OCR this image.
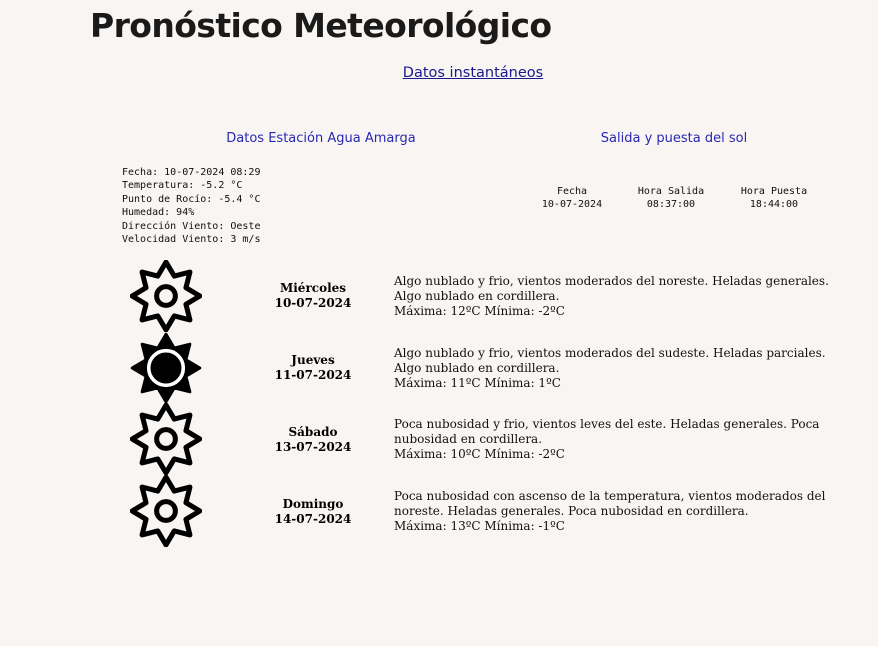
Pronóstico Meteorológico
Datos instantáneos
Datos Estación Agua Amarga	Salida y puesta del sol
Fecha: 10-07-2024 08:29
Temperatura: -5.2 °C
Punto de Rocío: -5.4 °C
Humedad: 94%
Dirección Viento: Oeste
Velocidad Viento: 3 m/s
Fecha
10-07-2024
Hora Salida
08:37:00
Hora Puesta
18:44:00
Miércoles
10-07-2024
Algo nublado y frio, vientos moderados del noreste. Heladas generales. Algo nublado en cordillera.
Máxima: 12ºC Mínima: -2ºC
Jueves
11-07-2024
Algo nublado y frio, vientos moderados del sudeste. Heladas parciales. Algo nublado en cordillera.
Máxima: 11ºC Mínima: 1ºC
Sábado
13-07-2024
Poca nubosidad y frio, vientos leves del este. Heladas generales. Poca nubosidad en cordillera.
Máxima: 10ºC Mínima: -2ºC
Domingo
14-07-2024
Poca nubosidad con ascenso de la temperatura, vientos moderados del noreste. Heladas generales. Poca nubosidad en cordillera.
Máxima: 13ºC Mínima: -1ºC
